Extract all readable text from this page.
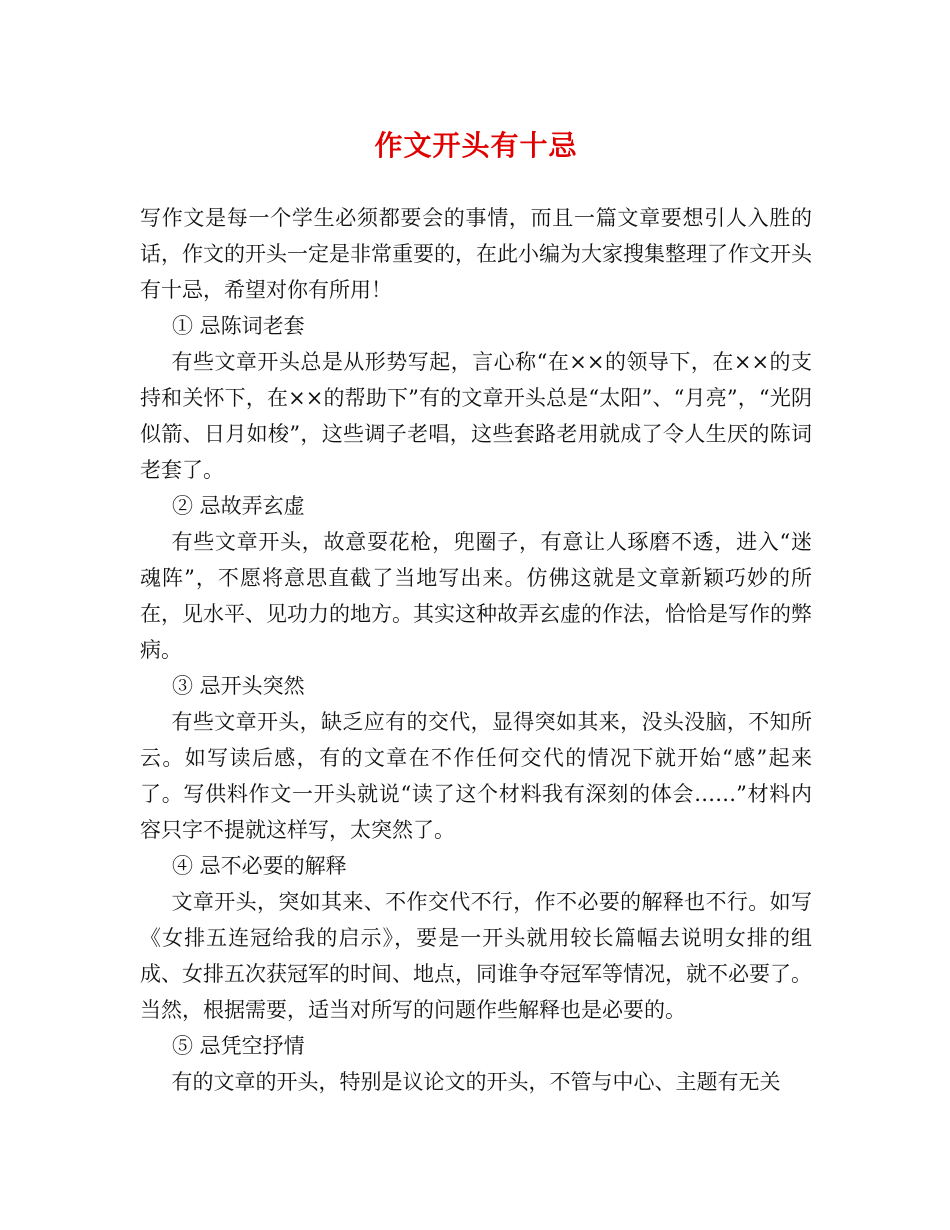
作文开头有十忌

写作文是每一个学生必须都要会的事情，而且一篇文章要想引人入胜的话，作文的开头一定是非常重要的，在此小编为大家搜集整理了作文开头有十忌，希望对你有所用！

① 忌陈词老套

有些文章开头总是从形势写起，言心称“在××的领导下，在××的支持和关怀下，在××的帮助下”有的文章开头总是“太阳”、“月亮”，“光阴似箭、日月如梭”，这些调子老唱，这些套路老用就成了令人生厌的陈词老套了。

② 忌故弄玄虚

有些文章开头，故意耍花枪，兜圈子，有意让人琢磨不透，进入“迷魂阵”，不愿将意思直截了当地写出来。仿佛这就是文章新颖巧妙的所在，见水平、见功力的地方。其实这种故弄玄虚的作法，恰恰是写作的弊病。

③ 忌开头突然

有些文章开头，缺乏应有的交代，显得突如其来，没头没脑，不知所云。如写读后感，有的文章在不作任何交代的情况下就开始“感”起来了。写供料作文一开头就说“读了这个材料我有深刻的体会……”材料内容只字不提就这样写，太突然了。

④ 忌不必要的解释

文章开头，突如其来、不作交代不行，作不必要的解释也不行。如写《女排五连冠给我的启示》，要是一开头就用较长篇幅去说明女排的组成、女排五次获冠军的时间、地点，同谁争夺冠军等情况，就不必要了。当然，根据需要，适当对所写的问题作些解释也是必要的。

⑤ 忌凭空抒情

有的文章的开头，特别是议论文的开头，不管与中心、主题有无关
